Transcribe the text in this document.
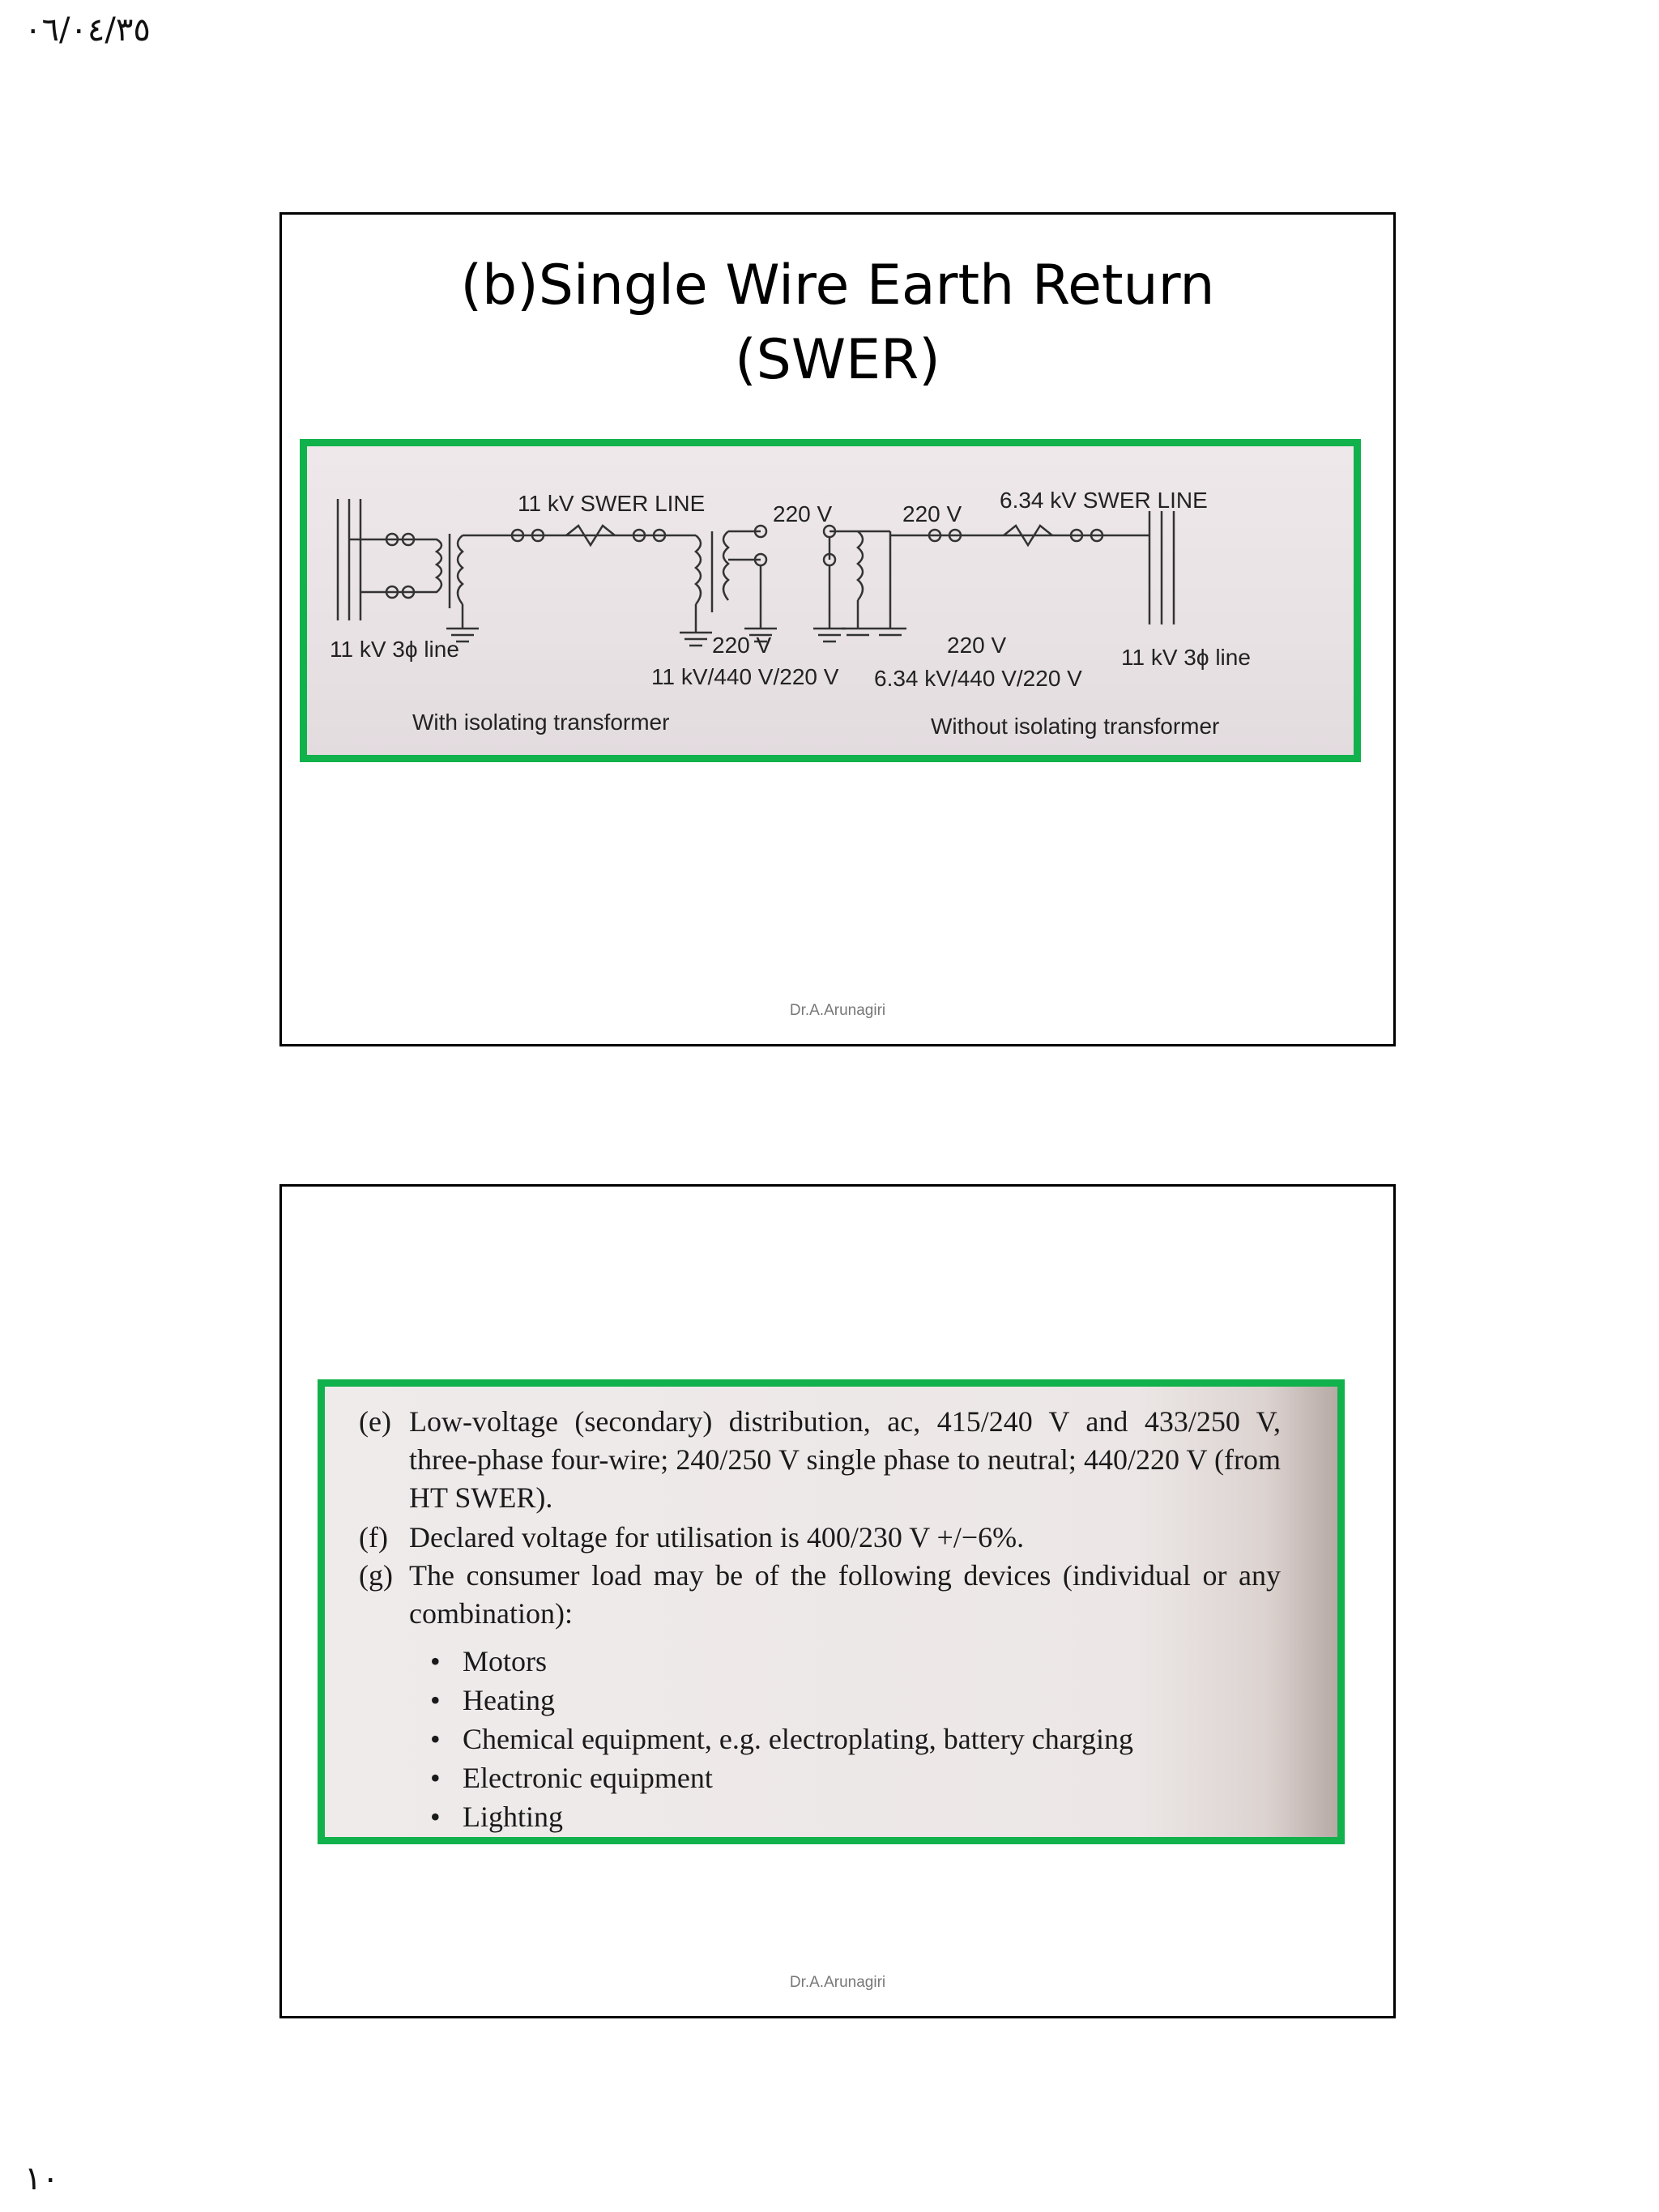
٠٦/٠٤/٣٥
(b)Single Wire Earth Return
(SWER)
11 kV SWER LINE	220 V	220 V
6.34 kV SWER LINE
11 kV 3ϕ line	220 V	220 V	11 kV 3ϕ line
11 kV/440 V/220 V 6.34 kV/440 V/220 V
With isolating transformer	Without isolating transformer
Dr.A.Arunagiri
(e) Low-voltage (secondary) distribution, ac, 415/240 V and 433/250 V, three-phase four-wire; 240/250 V single phase to neutral; 440/220 V (from HT SWER).
(f) Declared voltage for utilisation is 400/230 V +/−6%.
(g) The consumer load may be of the following devices (individual or any combination):
• Motors
• Heating
• Chemical equipment, e.g. electroplating, battery charging
• Electronic equipment
• Lighting
Dr.A.Arunagiri
١٠
